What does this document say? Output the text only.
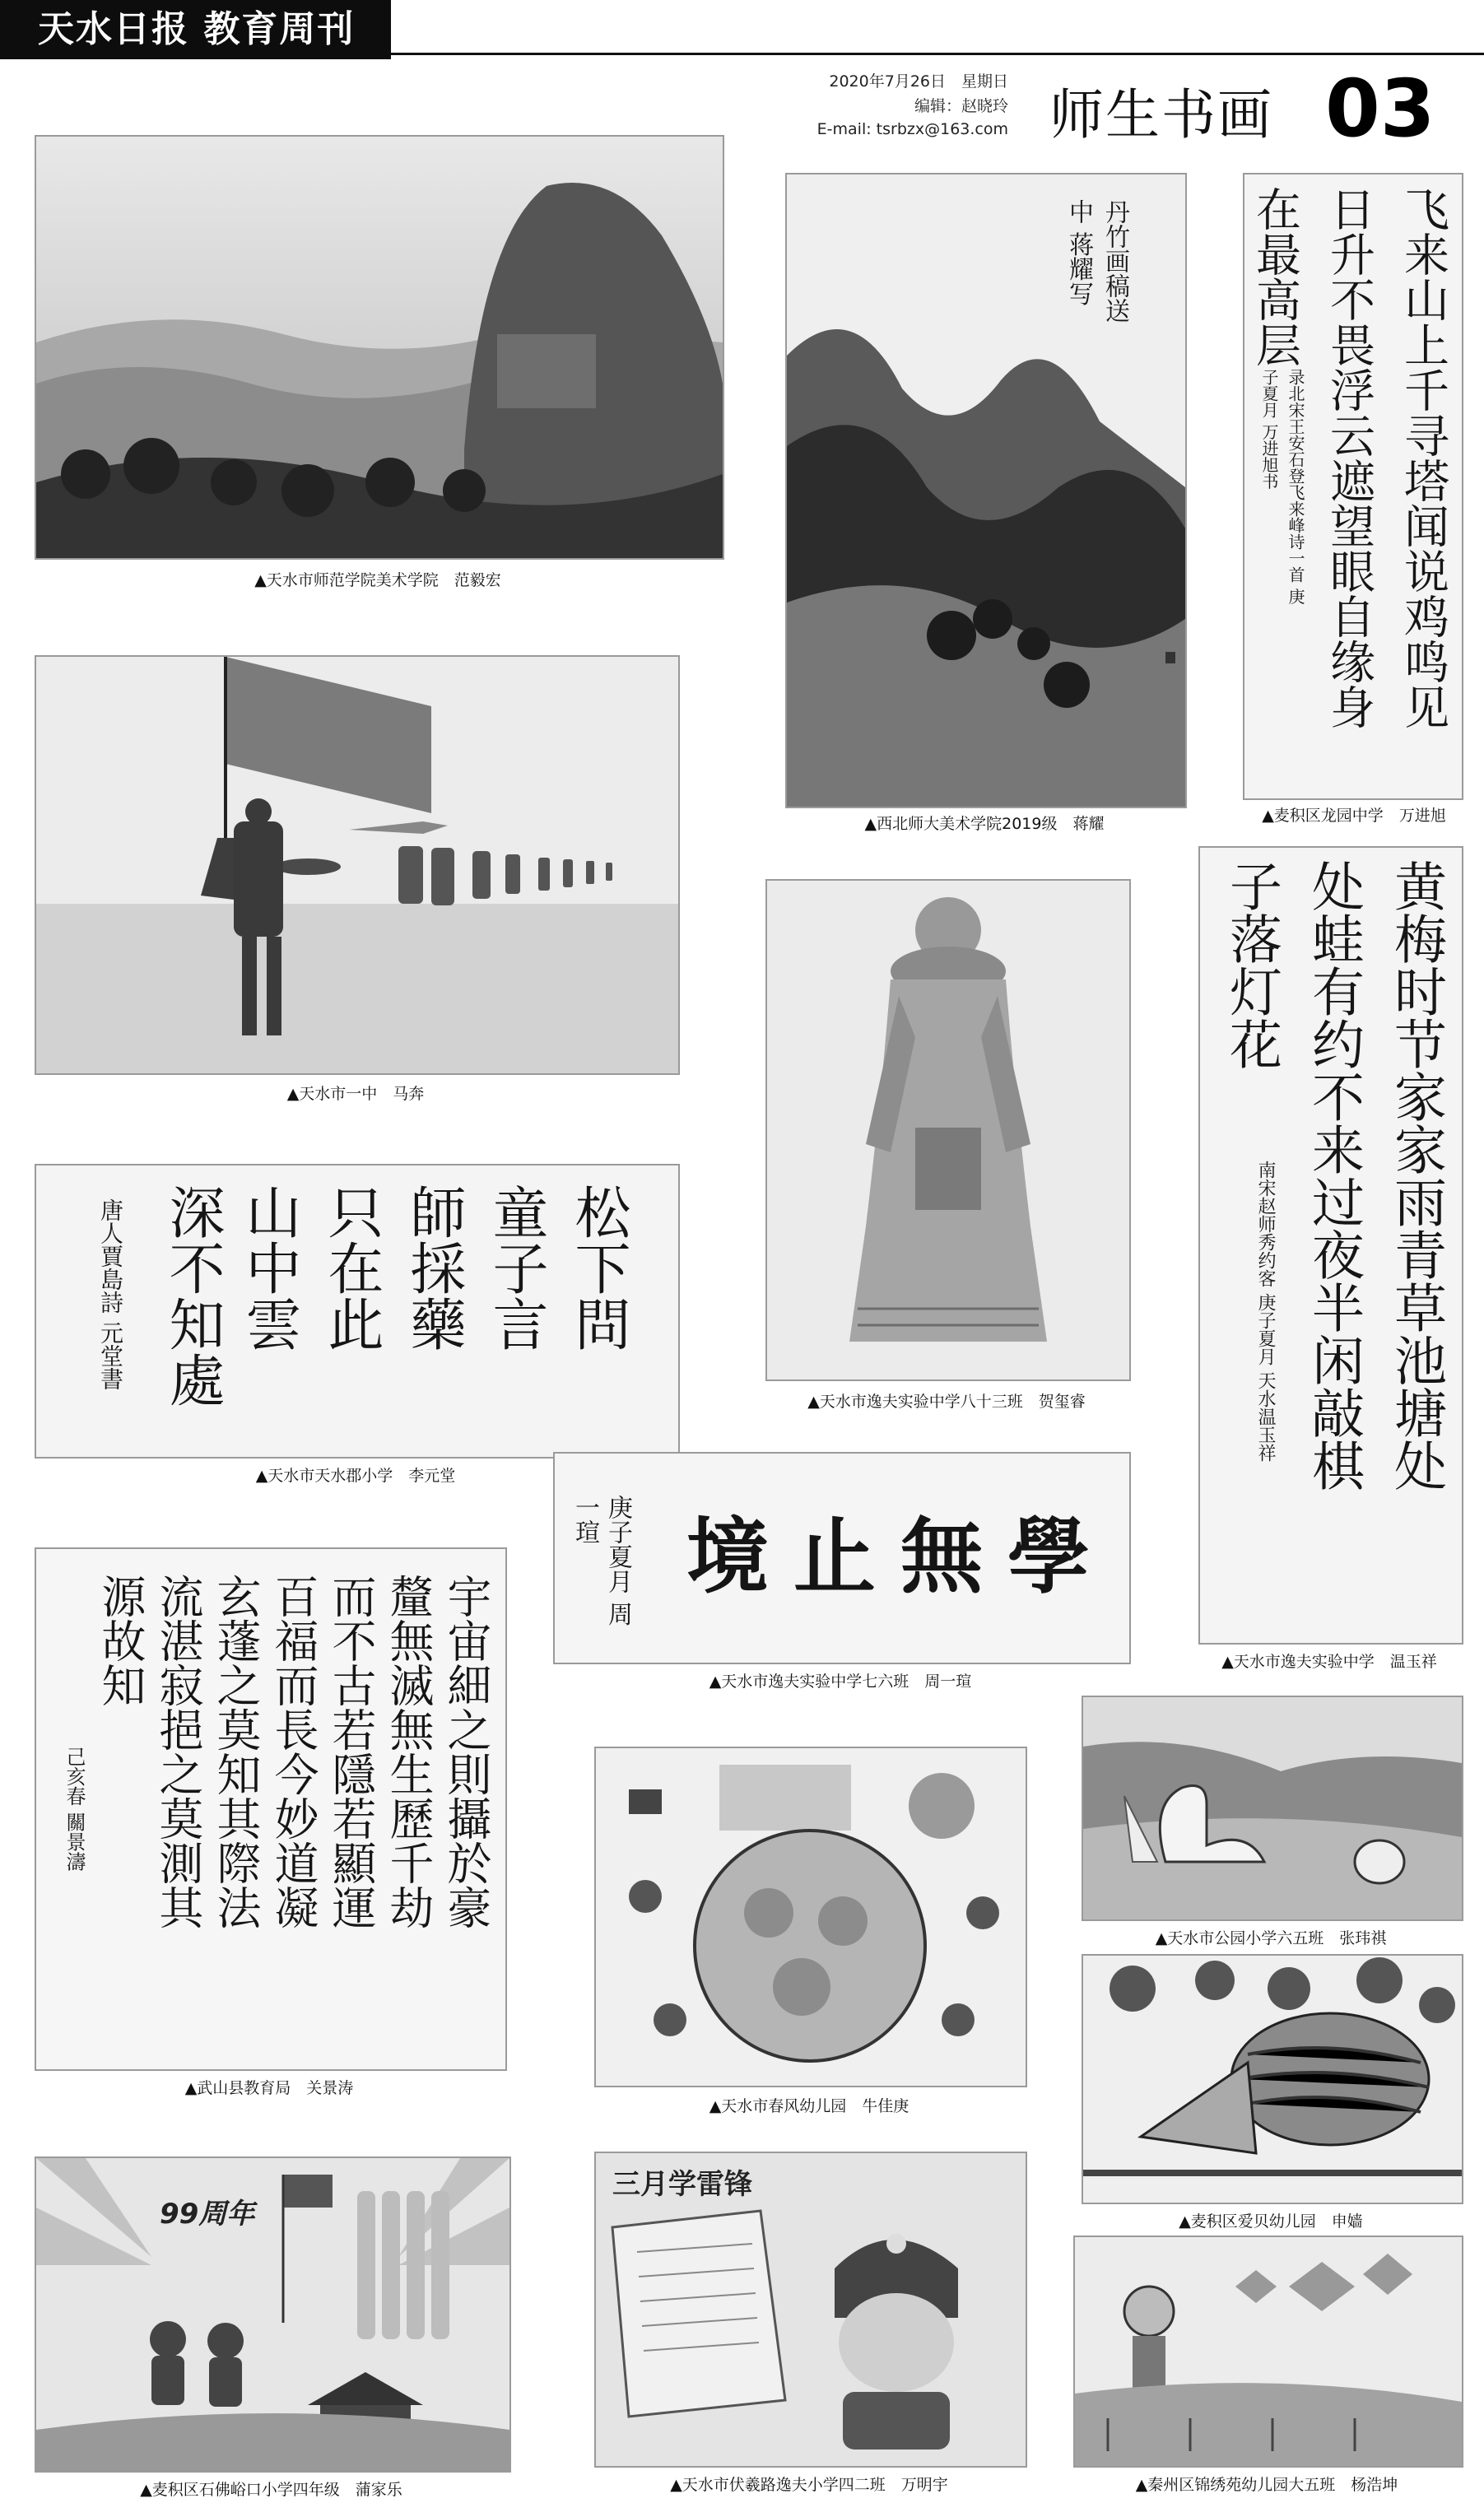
天水日报 教育周刊
2020年7月26日　星期日
编辑：赵晓玲
E-mail: tsrbzx@163.com 师生书画 03
▲天水市师范学院美术学院　范毅宏
▲天水市一中　马奔
松下問
童子言
師採藥
只在此
山中雲
深不知處
唐人賈島詩 元堂書
▲天水市天水郡小学　李元堂
宇宙細之則攝於豪
釐無滅無生歷千劫
而不古若隱若顯運
百福而長今妙道凝
玄蓬之莫知其際法
流湛寂挹之莫測其
源故知
己亥春 關景濤
▲武山县教育局　关景涛
99周年
▲麦积区石佛峪口小学四年级　蒲家乐
丹竹画稿送中 蒋耀写
▲西北师大美术学院2019级　蒋耀
▲天水市逸夫实验中学八十三班　贺玺睿
學無止境
庚子夏月 周一瑄
▲天水市逸夫实验中学七六班　周一瑄
▲天水市春风幼儿园　牛佳庚
三月学雷锋
▲天水市伏羲路逸夫小学四二班　万明宇
飞来山上千寻塔闻说鸡鸣见
日升不畏浮云遮望眼自缘身
在最高层
录北宋王安石登飞来峰诗一首 庚子夏月 万进旭书
▲麦积区龙园中学　万进旭
黄梅时节家家雨青草池塘处
处蛙有约不来过夜半闲敲棋
子落灯花
南宋赵师秀约客 庚子夏月 天水温玉祥
▲天水市逸夫实验中学　温玉祥
▲天水市公园小学六五班　张玮祺
▲麦积区爱贝幼儿园　申嫱
▲秦州区锦绣苑幼儿园大五班　杨浩坤
